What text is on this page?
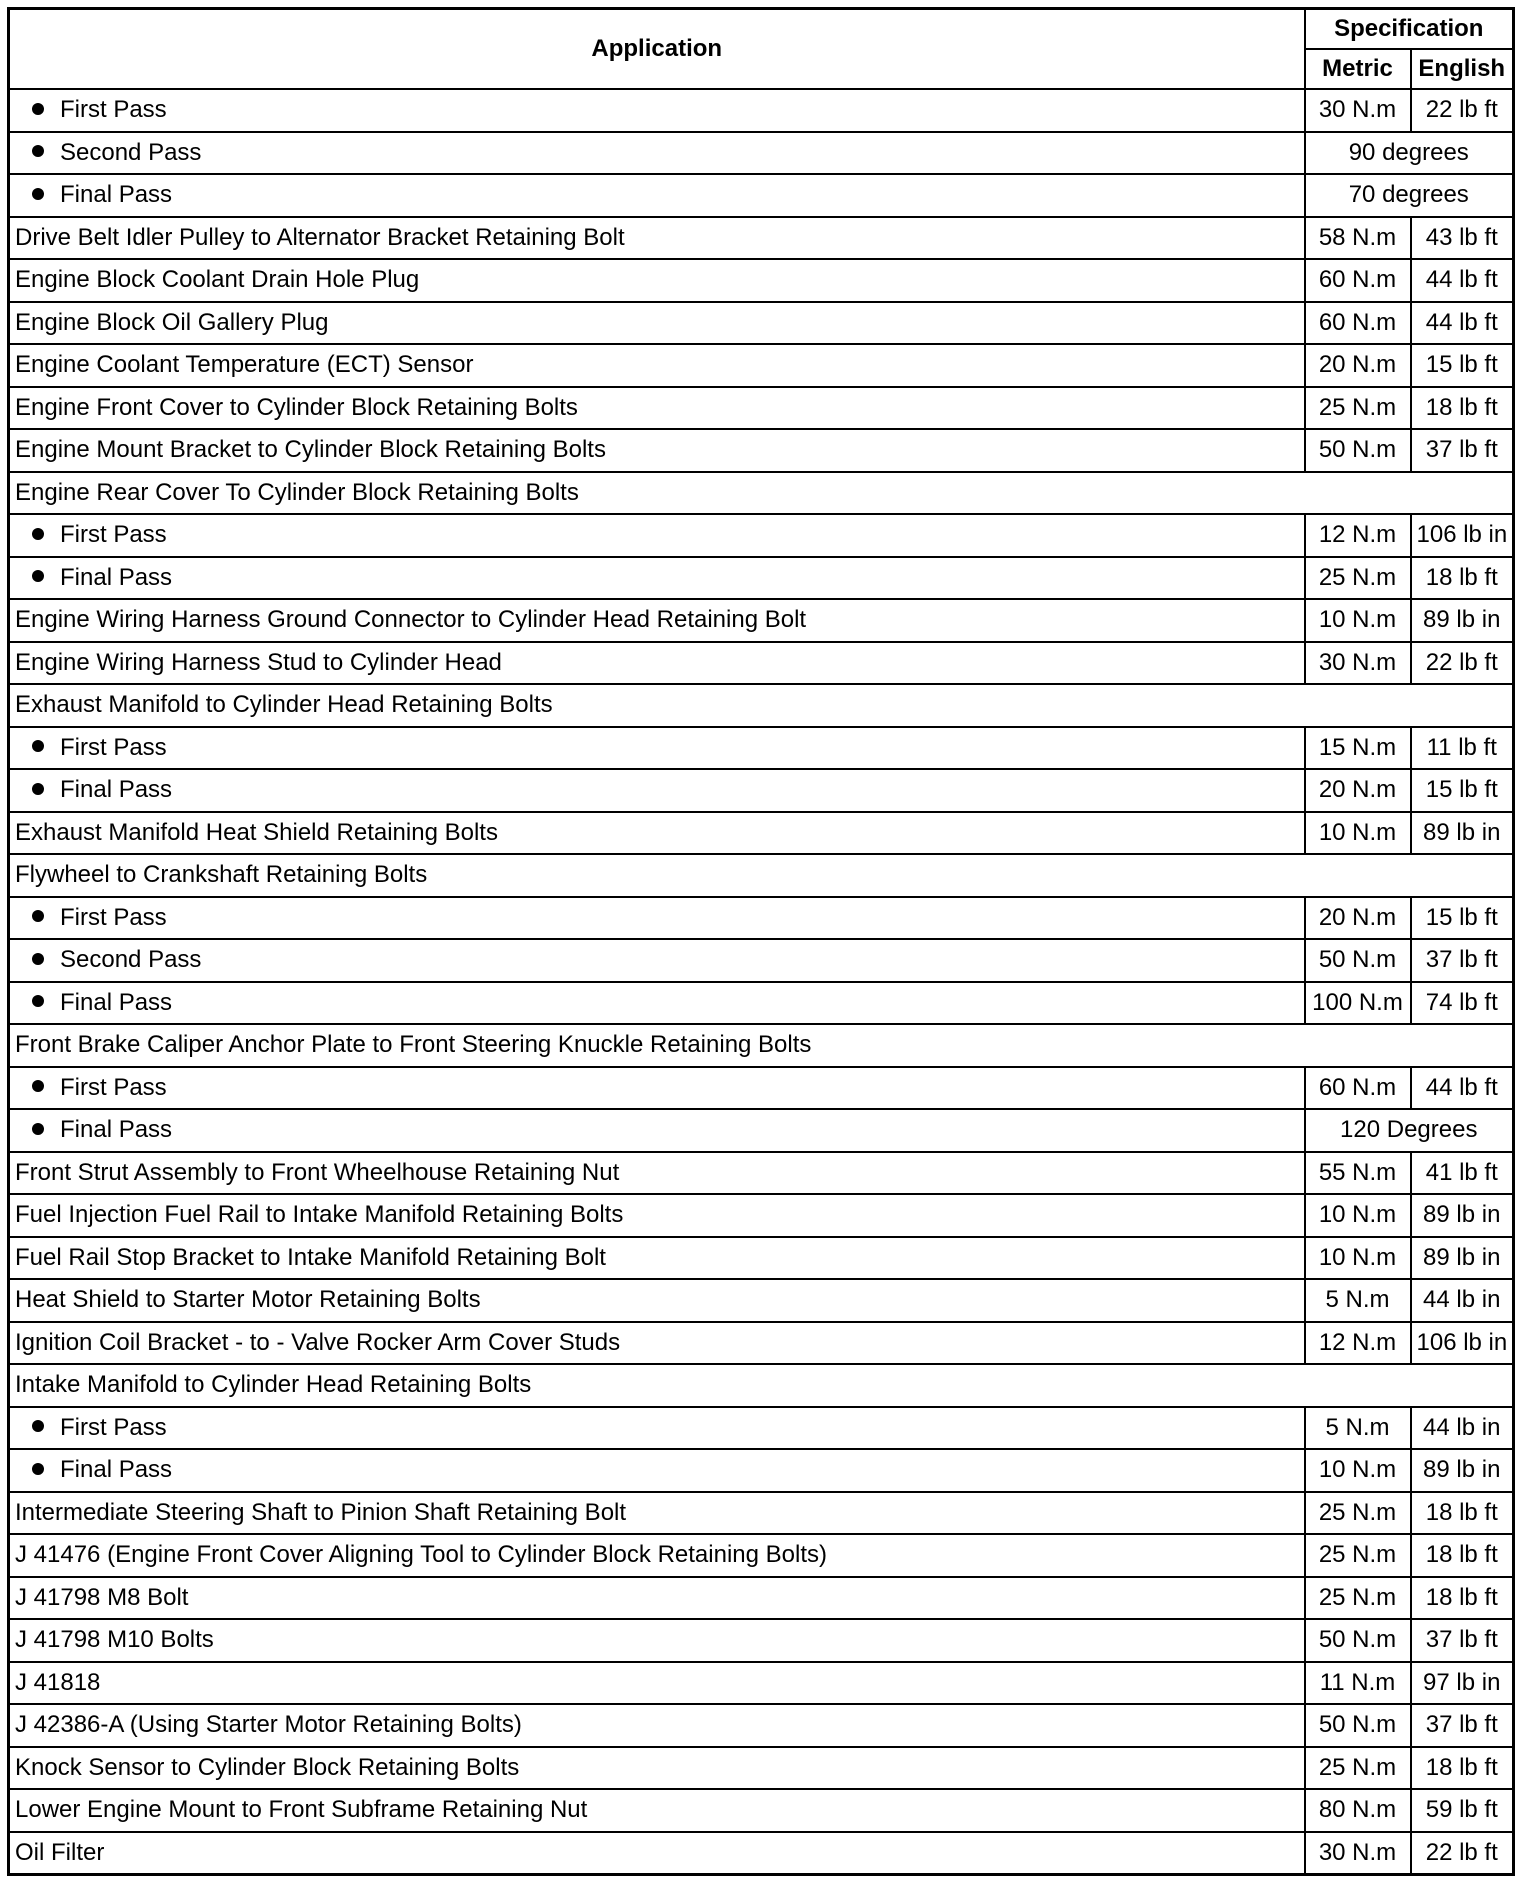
Application	Specification	
	Metric	English
First Pass	30 N.m	22 lb ft
Second Pass	90 degrees	
Final Pass	70 degrees	
Drive Belt Idler Pulley to Alternator Bracket Retaining Bolt	58 N.m	43 lb ft
Engine Block Coolant Drain Hole Plug	60 N.m	44 lb ft
Engine Block Oil Gallery Plug	60 N.m	44 lb ft
Engine Coolant Temperature (ECT) Sensor	20 N.m	15 lb ft
Engine Front Cover to Cylinder Block Retaining Bolts	25 N.m	18 lb ft
Engine Mount Bracket to Cylinder Block Retaining Bolts	50 N.m	37 lb ft
Engine Rear Cover To Cylinder Block Retaining Bolts		
First Pass	12 N.m	106 lb in
Final Pass	25 N.m	18 lb ft
Engine Wiring Harness Ground Connector to Cylinder Head Retaining Bolt	10 N.m	89 lb in
Engine Wiring Harness Stud to Cylinder Head	30 N.m	22 lb ft
Exhaust Manifold to Cylinder Head Retaining Bolts		
First Pass	15 N.m	11 lb ft
Final Pass	20 N.m	15 lb ft
Exhaust Manifold Heat Shield Retaining Bolts	10 N.m	89 lb in
Flywheel to Crankshaft Retaining Bolts		
First Pass	20 N.m	15 lb ft
Second Pass	50 N.m	37 lb ft
Final Pass	100 N.m	74 lb ft
Front Brake Caliper Anchor Plate to Front Steering Knuckle Retaining Bolts		
First Pass	60 N.m	44 lb ft
Final Pass	120 Degrees	
Front Strut Assembly to Front Wheelhouse Retaining Nut	55 N.m	41 lb ft
Fuel Injection Fuel Rail to Intake Manifold Retaining Bolts	10 N.m	89 lb in
Fuel Rail Stop Bracket to Intake Manifold Retaining Bolt	10 N.m	89 lb in
Heat Shield to Starter Motor Retaining Bolts	5 N.m	44 lb in
Ignition Coil Bracket - to - Valve Rocker Arm Cover Studs	12 N.m	106 lb in
Intake Manifold to Cylinder Head Retaining Bolts		
First Pass	5 N.m	44 lb in
Final Pass	10 N.m	89 lb in
Intermediate Steering Shaft to Pinion Shaft Retaining Bolt	25 N.m	18 lb ft
J 41476 (Engine Front Cover Aligning Tool to Cylinder Block Retaining Bolts)	25 N.m	18 lb ft
J 41798 M8 Bolt	25 N.m	18 lb ft
J 41798 M10 Bolts	50 N.m	37 lb ft
J 41818	11 N.m	97 lb in
J 42386-A (Using Starter Motor Retaining Bolts)	50 N.m	37 lb ft
Knock Sensor to Cylinder Block Retaining Bolts	25 N.m	18 lb ft
Lower Engine Mount to Front Subframe Retaining Nut	80 N.m	59 lb ft
Oil Filter	30 N.m	22 lb ft
